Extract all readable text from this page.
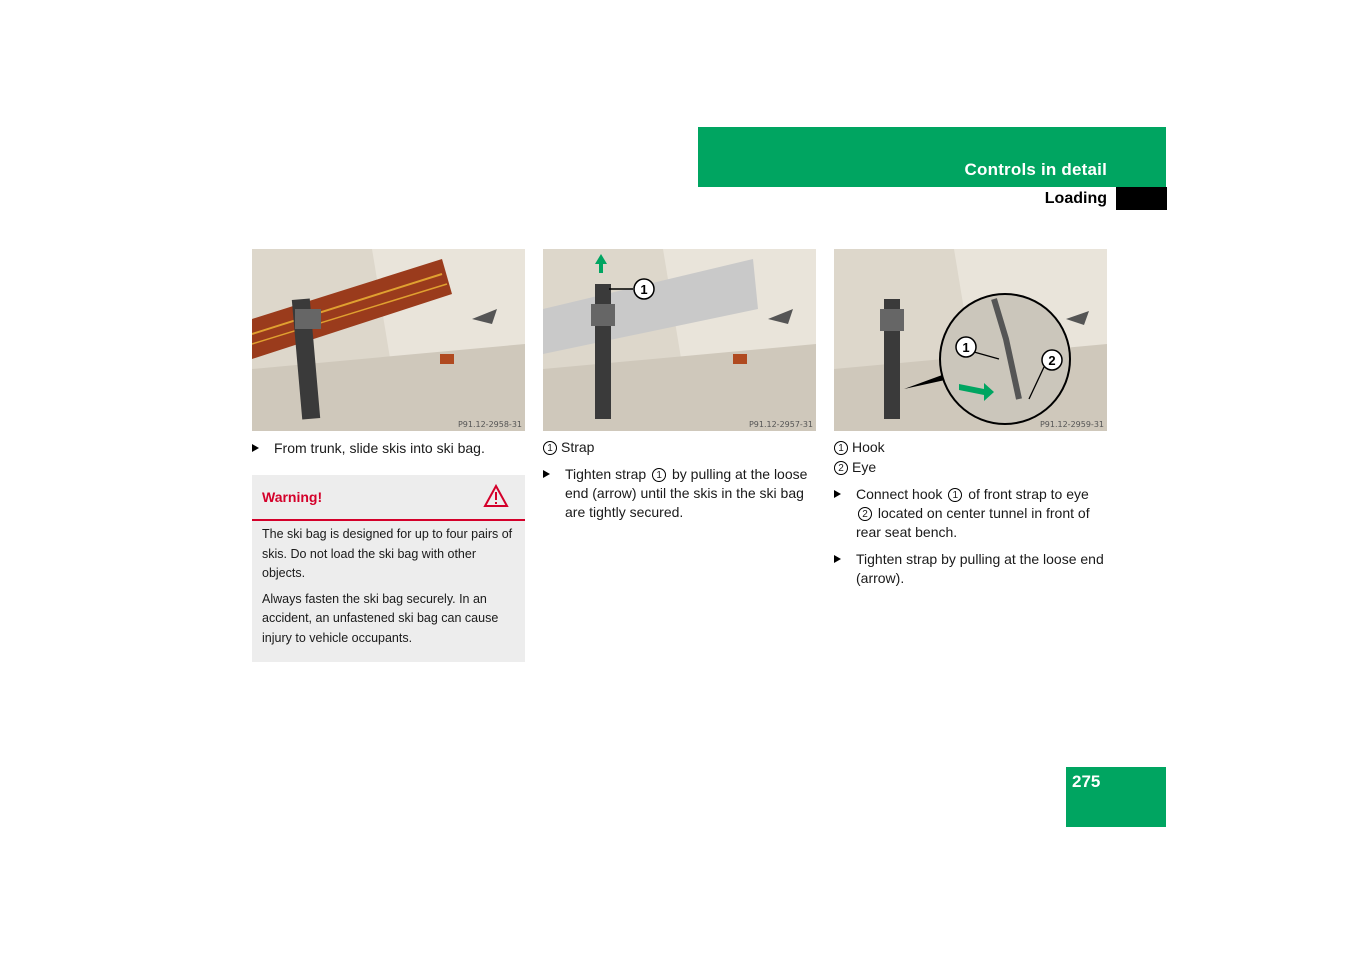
Controls in detail
Loading
P91.12-2958-31
From trunk, slide skis into ski bag.
Warning!

The ski bag is designed for up to four pairs of skis. Do not load the ski bag with other objects.

Always fasten the ski bag securely. In an accident, an unfastened ski bag can cause injury to vehicle occupants.

1
P91.12-2957-31
1 Strap
Tighten strap 1 by pulling at the loose end (arrow) until the skis in the ski bag are tightly secured.
1
2
P91.12-2959-31
1 Hook
2 Eye
Connect hook 1 of front strap to eye 2 located on center tunnel in front of rear seat bench.
Tighten strap by pulling at the loose end (arrow).
275
